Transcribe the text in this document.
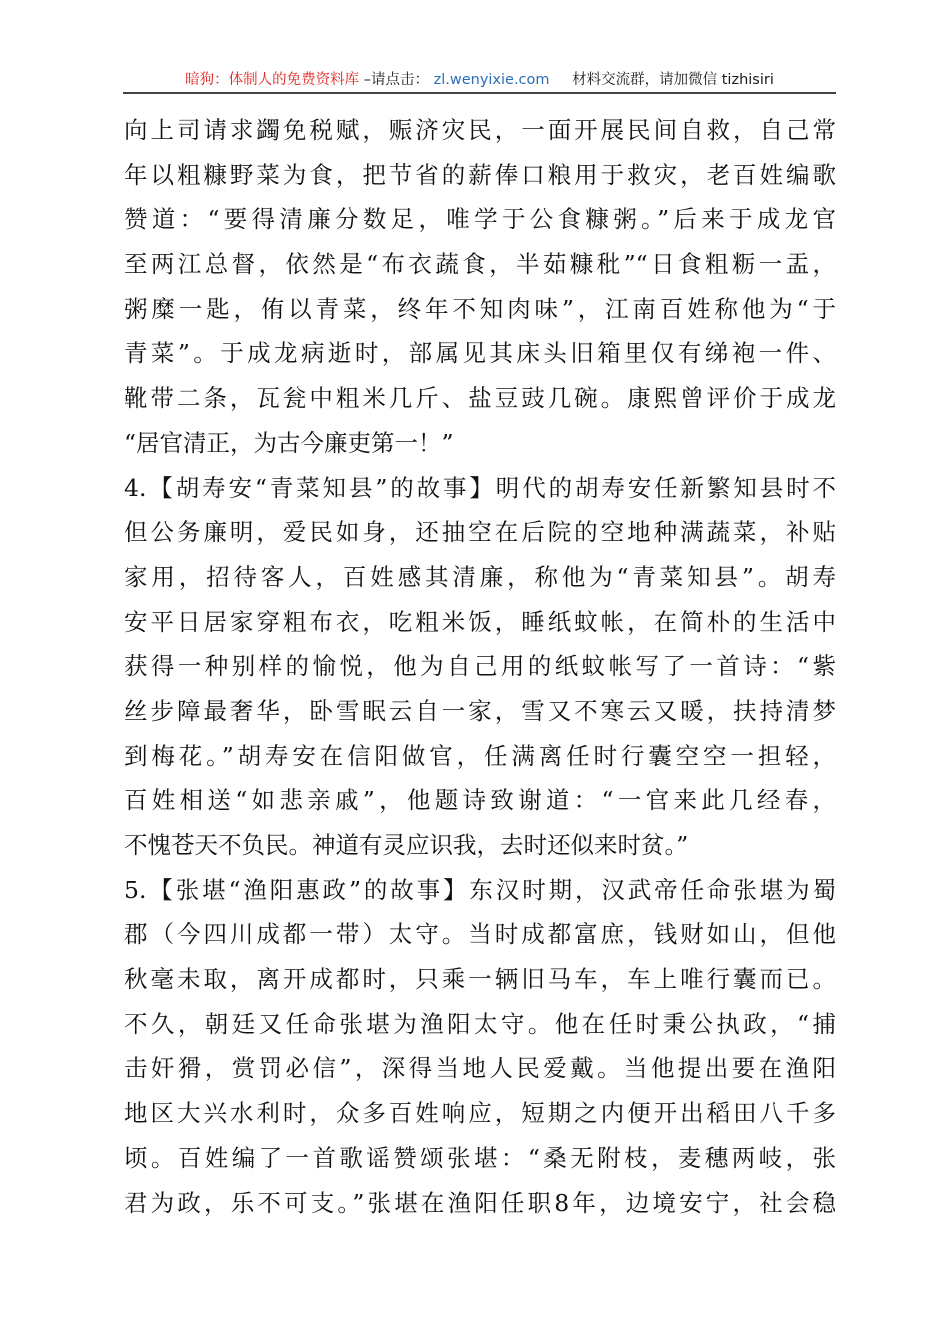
暗狗：体制人的免费资料库 –请点击： zl.wenyixie.com 材料交流群，请加微信 tizhisiri
向上司请求蠲免税赋，赈济灾民，一面开展民间自救，自己常
年以粗糠野菜为食，把节省的薪俸口粮用于救灾，老百姓编歌
赞道：“要得清廉分数足，唯学于公食糠粥。”后来于成龙官
至两江总督，依然是“布衣蔬食，半茹糠秕”“日食粗粝一盂，
粥糜一匙，侑以青菜，终年不知肉味”，江南百姓称他为“于
青菜”。于成龙病逝时，部属见其床头旧箱里仅有绨袍一件、
靴带二条，瓦瓮中粗米几斤、盐豆豉几碗。康熙曾评价于成龙
“居官清正，为古今廉吏第一！”
4.【胡寿安“青菜知县”的故事】明代的胡寿安任新繁知县时不
但公务廉明，爱民如身，还抽空在后院的空地种满蔬菜，补贴
家用，招待客人，百姓感其清廉，称他为“青菜知县”。胡寿
安平日居家穿粗布衣，吃粗米饭，睡纸蚊帐，在简朴的生活中
获得一种别样的愉悦，他为自己用的纸蚊帐写了一首诗：“紫
丝步障最奢华，卧雪眠云自一家，雪又不寒云又暖，扶持清梦
到梅花。”胡寿安在信阳做官，任满离任时行囊空空一担轻，
百姓相送“如悲亲戚”，他题诗致谢道：“一官来此几经春，
不愧苍天不负民。神道有灵应识我，去时还似来时贫。”
5.【张堪“渔阳惠政”的故事】东汉时期，汉武帝任命张堪为蜀
郡（今四川成都一带）太守。当时成都富庶，钱财如山，但他
秋毫未取，离开成都时，只乘一辆旧马车，车上唯行囊而已。
不久，朝廷又任命张堪为渔阳太守。他在任时秉公执政，“捕
击奸猾，赏罚必信”，深得当地人民爱戴。当他提出要在渔阳
地区大兴水利时，众多百姓响应，短期之内便开出稻田八千多
顷。百姓编了一首歌谣赞颂张堪：“桑无附枝，麦穗两岐，张
君为政，乐不可支。”张堪在渔阳任职8年，边境安宁，社会稳
